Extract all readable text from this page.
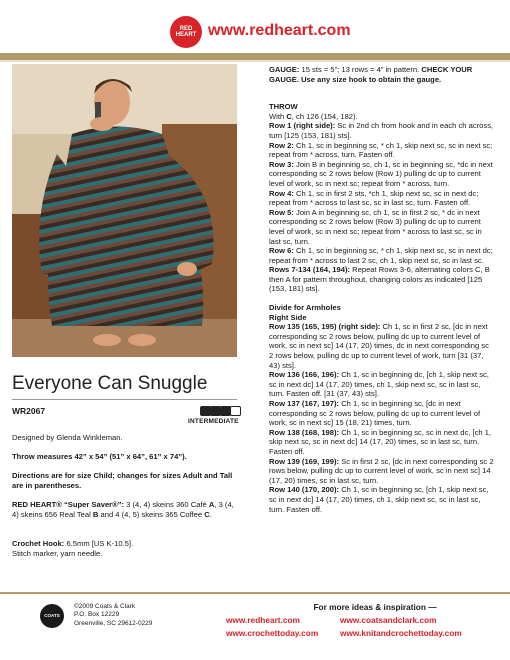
RED
HEART www.redheart.com
Everyone Can Snuggle
WR2067
INTERMEDIATE
Designed by Glenda Winkleman.
Throw measures 42” x 54” (51” x 64”, 61” x 74”).
Directions are for size Child; changes for sizes Adult and Tall are in parentheses.
RED HEART® “Super Saver®”: 3 (4, 4) skeins 360 Café A, 3 (4, 4) skeins 656 Real Teal B and 4 (4, 5) skeins 365 Coffee C.
Crochet Hook: 6.5mm [US K-10.5].
Stitch marker, yarn needle.

GAUGE: 15 sts = 5”; 13 rows = 4” in pattern. CHECK YOUR GAUGE. Use any size hook to obtain the gauge.

THROW

With C, ch 126 (154, 182).

Row 1 (right side): Sc in 2nd ch from hook and in each ch across, turn [125 (153, 181) sts].

Row 2: Ch 1, sc in beginning sc, * ch 1, skip next sc, sc in next sc; repeat from * across, turn. Fasten off.

Row 3: Join B in beginning sc, ch 1, sc in beginning sc, *dc in next corresponding sc 2 rows below (Row 1) pulling dc up to current level of work, sc in next sc; repeat from * across, turn.

Row 4: Ch 1, sc in first 2 sts, *ch 1, skip next sc, sc in next dc; repeat from * across to last sc, sc in last sc, turn. Fasten off.

Row 5: Join A in beginning sc, ch 1, sc in first 2 sc, * dc in next corresponding sc 2 rows below (Row 3) pulling dc up to current level of work, sc in next sc; repeat from * across to last sc, sc in last sc, turn.

Row 6: Ch 1, sc in beginning sc, * ch 1, skip next sc, sc in next dc; repeat from * across to last 2 sc, ch 1, skip next sc, sc in last sc.

Rows 7-134 (164, 194): Repeat Rows 3-6, alternating colors C, B then A for pattern throughout, changing colors as indicated [125 (153, 181) sts].

Divide for Armholes

Right Side

Row 135 (165, 195) (right side): Ch 1, sc in first 2 sc, [dc in next corresponding sc 2 rows below, pulling dc up to current level of work, sc in next sc] 14 (17, 20) times, dc in next corresponding sc 2 rows below, pulling dc up to current level of work, turn [31 (37, 43) sts].

Row 136 (166, 196): Ch 1, sc in beginning dc, [ch 1, skip next sc, sc in next dc] 14 (17, 20) times, ch 1, skip next sc, sc in last sc, turn. Fasten off. [31 (37, 43) sts].

Row 137 (167, 197): Ch 1, sc in beginning sc, [dc in next corresponding sc 2 rows below, pulling dc up to current level of work, sc in next sc] 15 (18, 21) times, turn.

Row 138 (168, 198): Ch 1, sc in beginning sc, sc in next dc, [ch 1, skip next sc, sc in next dc] 14 (17, 20) times, sc in last sc, turn. Fasten off.

Row 139 (169, 199): Sc in first 2 sc, [dc in next corresponding sc 2 rows below, pulling dc up to current level of work, sc in next sc] 14 (17, 20) times, sc in last sc, turn.

Row 140 (170, 200): Ch 1, sc in beginning sc, [ch 1, skip next sc, sc in next dc] 14 (17, 20) times, ch 1, skip next sc, sc in last sc, turn. Fasten off.

COATS
©2009 Coats & Clark
P.O. Box 12229
Greenville, SC 29612-0229
For more ideas & inspiration —
www.redheart.com	www.coatsandclark.com
www.crochettoday.com	www.knitandcrochettoday.com
